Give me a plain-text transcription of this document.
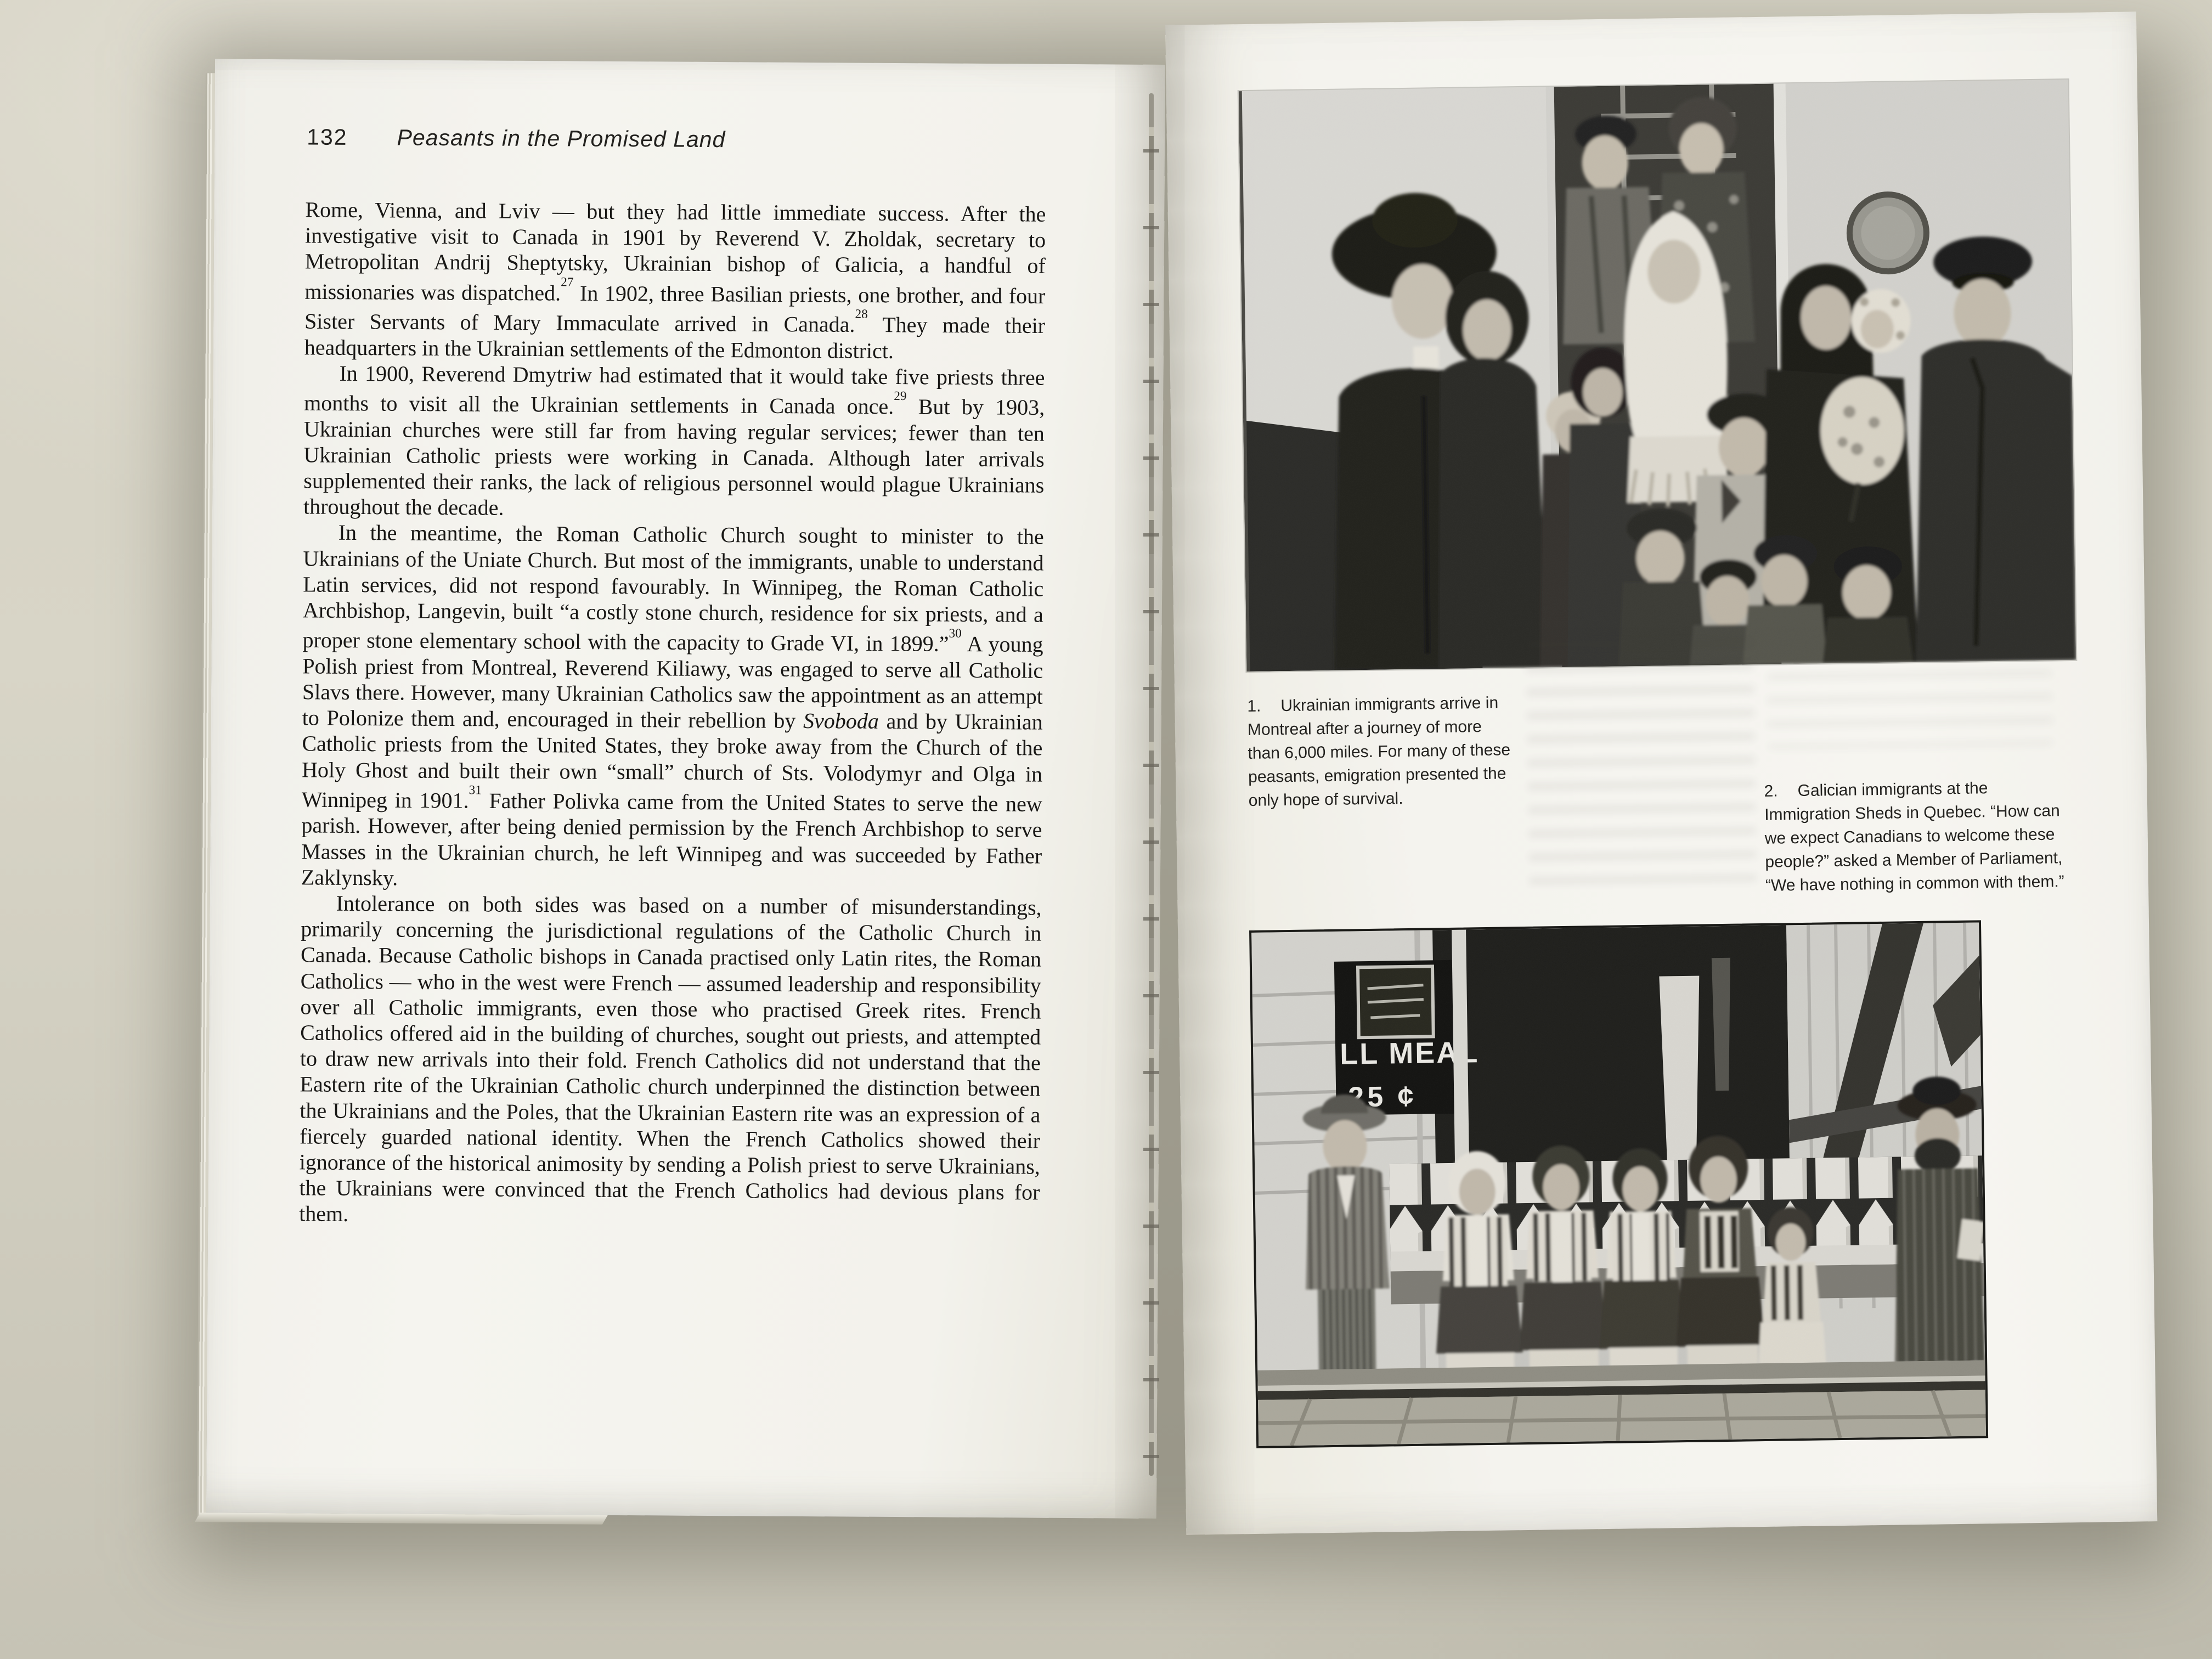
132 Peasants in the Promised Land

Rome, Vienna, and Lviv — but they had little immediate success. After the investigative visit to Canada in 1901 by Reverend V. Zholdak, secretary to Metropolitan Andrij Sheptytsky, Ukrainian bishop of Galicia, a handful of missionaries was dispatched.$^{27}$ In 1902, three Basilian priests, one brother, and four Sister Servants of Mary Immaculate arrived in Canada.$^{28}$ They made their headquarters in the Ukrainian settlements of the Edmonton district.

In 1900, Reverend Dmytriw had estimated that it would take five priests three months to visit all the Ukrainian settlements in Canada once.$^{29}$ But by 1903, Ukrainian churches were still far from having regular services; fewer than ten Ukrainian Catholic priests were working in Canada. Although later arrivals supplemented their ranks, the lack of religious personnel would plague Ukrainians throughout the decade.

In the meantime, the Roman Catholic Church sought to minister to the Ukrainians of the Uniate Church. But most of the immigrants, unable to understand Latin services, did not respond favourably. In Winnipeg, the Roman Catholic Archbishop, Langevin, built “a costly stone church, residence for six priests, and a proper stone elementary school with the capacity to Grade VI, in 1899.”$^{30}$ A young Polish priest from Montreal, Reverend Kiliawy, was engaged to serve all Catholic Slavs there. However, many Ukrainian Catholics saw the appointment as an attempt to Polonize them and, encouraged in their rebellion by Svoboda and by Ukrainian Catholic priests from the United States, they broke away from the Church of the Holy Ghost and built their own “small” church of Sts. Volodymyr and Olga in Winnipeg in 1901.31 Father Polivka came from the United States to serve the new parish. However, after being denied permission by the French Archbishop to serve Masses in the Ukrainian church, he left Winnipeg and was succeeded by Father Zaklynsky.

Intolerance on both sides was based on a number of misunderstandings, primarily concerning the jurisdictional regulations of the Catholic Church in Canada. Because Catholic bishops in Canada practised only Latin rites, the Roman Catholics — who in the west were French — assumed leadership and responsibility over all Catholic immigrants, even those who practised Greek rites. French Catholics offered aid in the building of churches, sought out priests, and attempted to draw new arrivals into their fold. French Catholics did not understand that the Eastern rite of the Ukrainian Catholic church underpinned the distinction between the Ukrainians and the Poles, that the Ukrainian Eastern rite was an expression of a fiercely guarded national identity. When the French Catholics showed their ignorance of the historical animosity by sending a Polish priest to serve Ukrainians, the Ukrainians were convinced that the French Catholics had devious plans for them.

1. Ukrainian immigrants arrive in Montreal after a journey of more than 6,000 miles. For many of these peasants, emigration presented the only hope of survival.	2. Galician immigrants at the Immigration Sheds in Quebec. “How can we expect Canadians to welcome these people?” asked a Member of Parliament, “We have nothing in common with them.”
